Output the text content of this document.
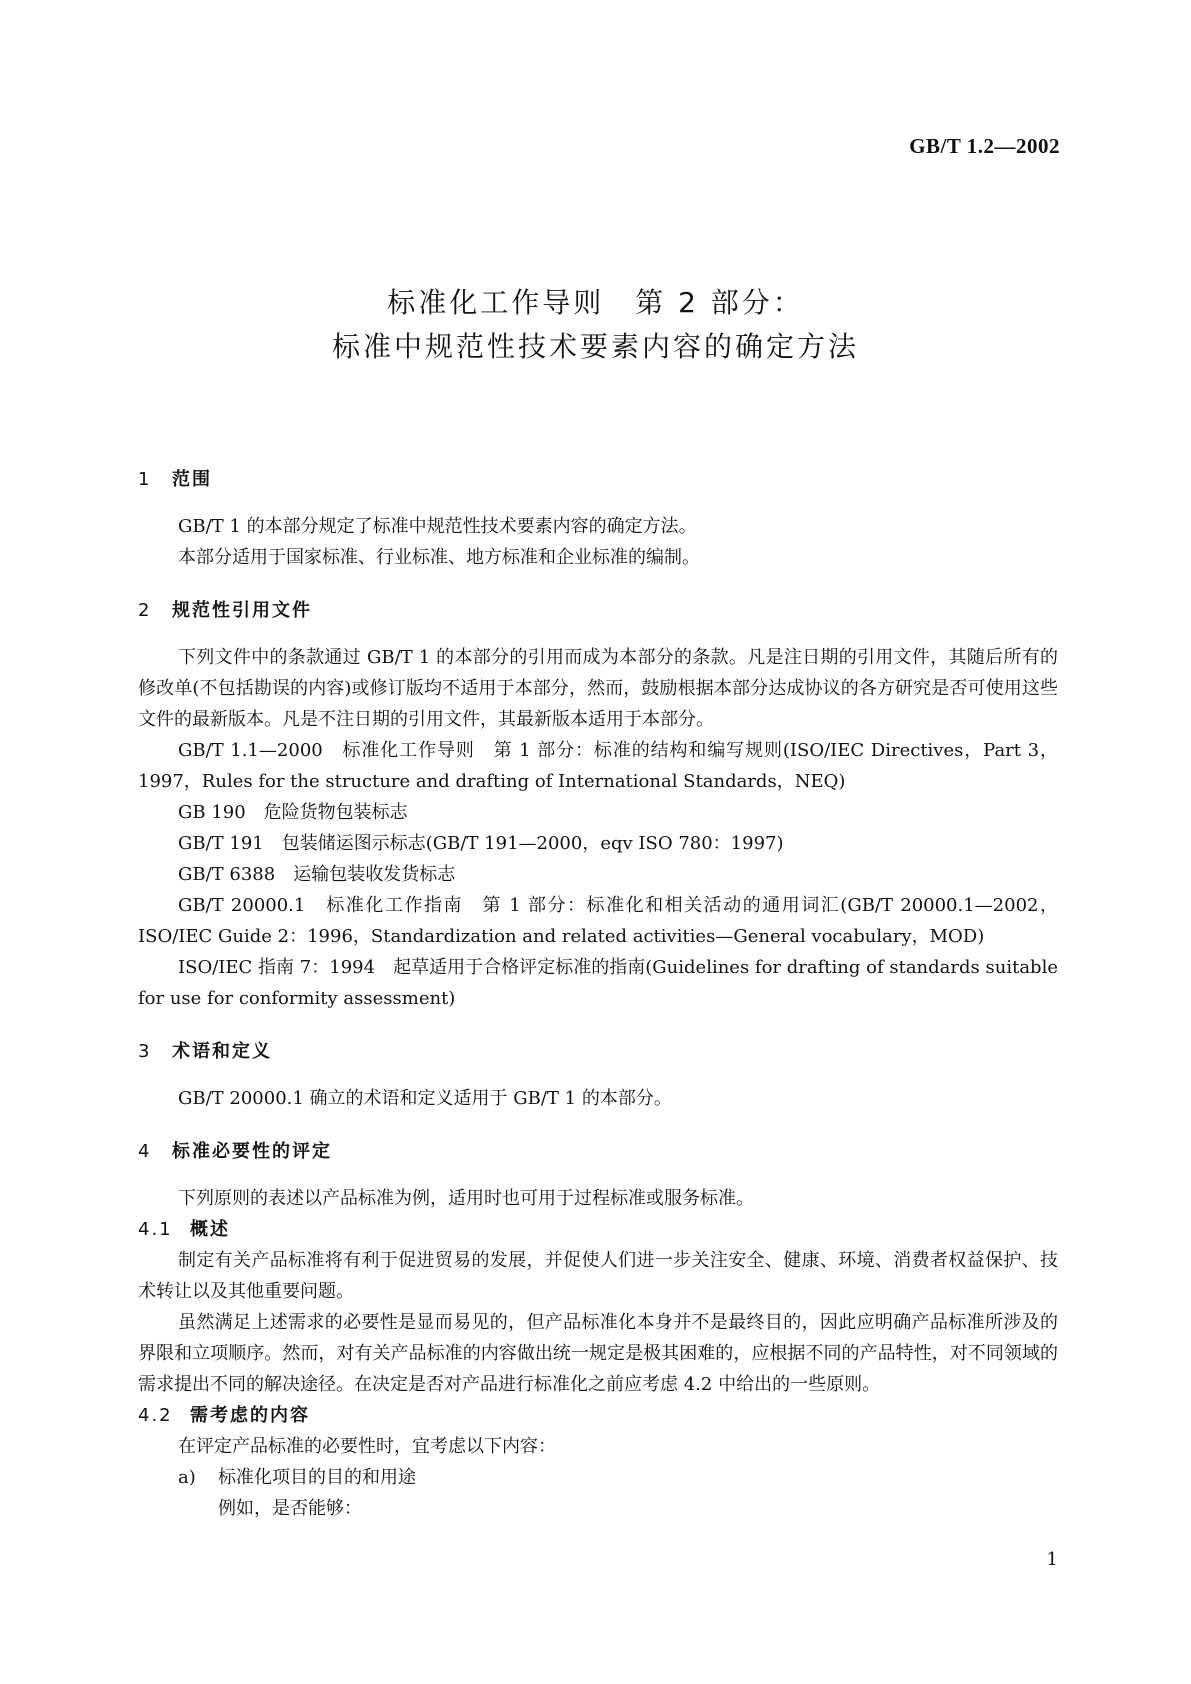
GB/T 1.2—2002
标准化工作导则　第 2 部分：
标准中规范性技术要素内容的确定方法
1 范围

GB/T 1 的本部分规定了标准中规范性技术要素内容的确定方法。

本部分适用于国家标准、行业标准、地方标准和企业标准的编制。

2 规范性引用文件

下列文件中的条款通过 GB/T 1 的本部分的引用而成为本部分的条款。凡是注日期的引用文件，其随后所有的修改单(不包括勘误的内容)或修订版均不适用于本部分，然而，鼓励根据本部分达成协议的各方研究是否可使用这些文件的最新版本。凡是不注日期的引用文件，其最新版本适用于本部分。

GB/T 1.1—2000　标准化工作导则　第 1 部分：标准的结构和编写规则(ISO/IEC Directives，Part 3，1997，Rules for the structure and drafting of International Standards，NEQ)

GB 190　危险货物包装标志

GB/T 191　包装储运图示标志(GB/T 191—2000，eqv ISO 780：1997)

GB/T 6388　运输包装收发货标志

GB/T 20000.1　标准化工作指南　第 1 部分：标准化和相关活动的通用词汇(GB/T 20000.1—2002，ISO/IEC Guide 2：1996，Standardization and related activities—General vocabulary，MOD)

ISO/IEC 指南 7：1994　起草适用于合格评定标准的指南(Guidelines for drafting of standards suitable for use for conformity assessment)

3 术语和定义

GB/T 20000.1 确立的术语和定义适用于 GB/T 1 的本部分。

4 标准必要性的评定

下列原则的表述以产品标准为例，适用时也可用于过程标准或服务标准。

4.1 概述

制定有关产品标准将有利于促进贸易的发展，并促使人们进一步关注安全、健康、环境、消费者权益保护、技术转让以及其他重要问题。

虽然满足上述需求的必要性是显而易见的，但产品标准化本身并不是最终目的，因此应明确产品标准所涉及的界限和立项顺序。然而，对有关产品标准的内容做出统一规定是极其困难的，应根据不同的产品特性，对不同领域的需求提出不同的解决途径。在决定是否对产品进行标准化之前应考虑 4.2 中给出的一些原则。

4.2 需考虑的内容

在评定产品标准的必要性时，宜考虑以下内容：

a) 标准化项目的目的和用途
例如，是否能够：
1
